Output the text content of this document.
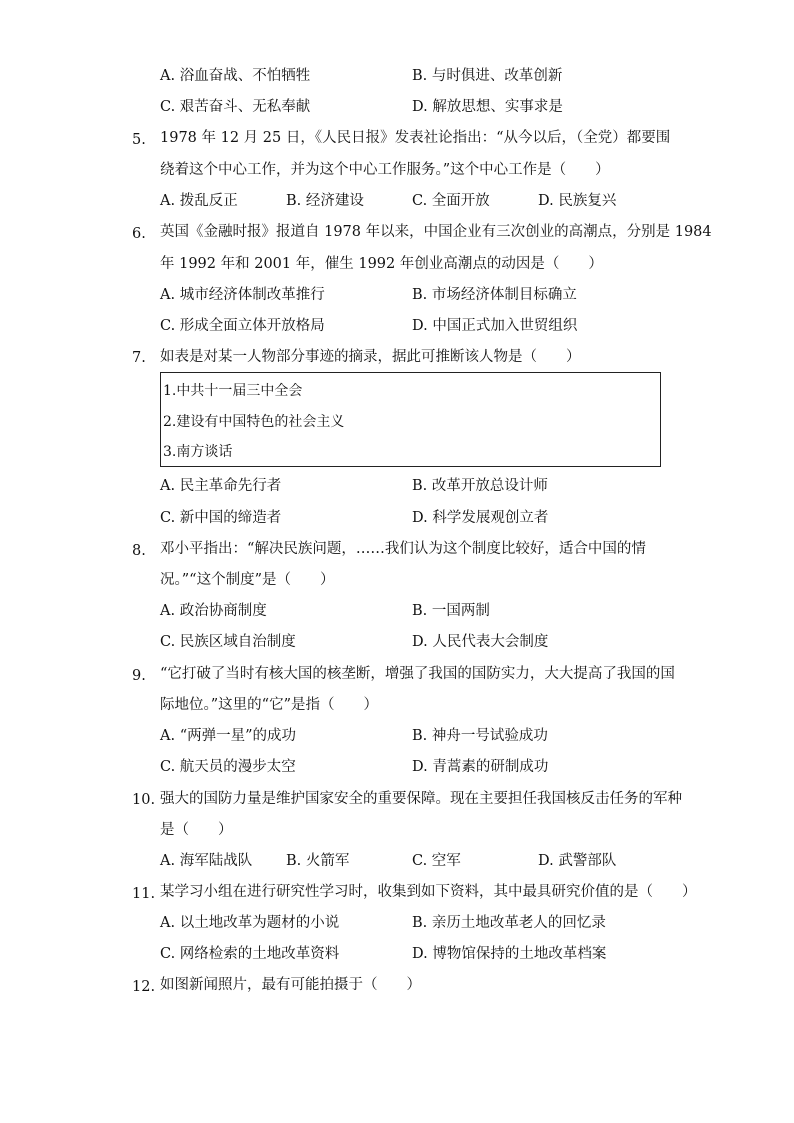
A. 浴血奋战、不怕牺牲	B. 与时俱进、改革创新
C. 艰苦奋斗、无私奉献	D. 解放思想、实事求是
5. 1978 年 12 月 25 日，《人民日报》发表社论指出：“从今以后，（全党）都要围
绕着这个中心工作，并为这个中心工作服务。”这个中心工作是（　　）
A. 拨乱反正	B. 经济建设	C. 全面开放	D. 民族复兴
6. 英国《金融时报》报道自 1978 年以来，中国企业有三次创业的高潮点，分别是 1984
年 1992 年和 2001 年，催生 1992 年创业高潮点的动因是（　　）
A. 城市经济体制改革推行	B. 市场经济体制目标确立
C. 形成全面立体开放格局	D. 中国正式加入世贸组织
7. 如表是对某一人物部分事迹的摘录，据此可推断该人物是（　　）
1.中共十一届三中全会
2.建设有中国特色的社会主义
3.南方谈话
A. 民主革命先行者	B. 改革开放总设计师
C. 新中国的缔造者	D. 科学发展观创立者
8. 邓小平指出：“解决民族问题，……我们认为这个制度比较好，适合中国的情
况。”“这个制度”是（　　）
A. 政治协商制度	B. 一国两制
C. 民族区域自治制度	D. 人民代表大会制度
9. “它打破了当时有核大国的核垄断，增强了我国的国防实力，大大提高了我国的国
际地位。”这里的“它”是指（　　）
A. “两弹一星”的成功	B. 神舟一号试验成功
C. 航天员的漫步太空	D. 青蒿素的研制成功
10. 强大的国防力量是维护国家安全的重要保障。现在主要担任我国核反击任务的军种
是（　　）
A. 海军陆战队 B. 火箭军	C. 空军	D. 武警部队
11. 某学习小组在进行研究性学习时，收集到如下资料，其中最具研究价值的是（　　）
A. 以土地改革为题材的小说	B. 亲历土地改革老人的回忆录
C. 网络检索的土地改革资料	D. 博物馆保持的土地改革档案
12. 如图新闻照片，最有可能拍摄于（　　）
